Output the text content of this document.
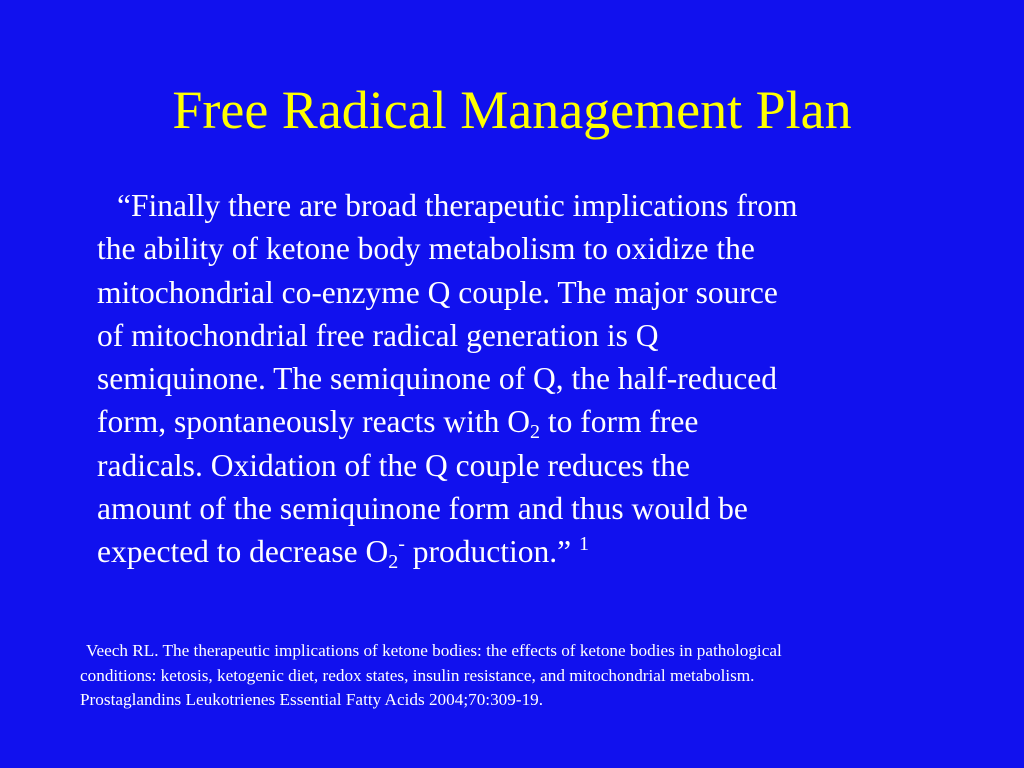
Free Radical Management Plan
“Finally there are broad therapeutic implications from
the ability of ketone body metabolism to oxidize the
mitochondrial co-enzyme Q couple. The major source
of mitochondrial free radical generation is Q
semiquinone. The semiquinone of Q, the half-reduced
form, spontaneously reacts with $O_2$ to form free
radicals. Oxidation of the Q couple reduces the
amount of the semiquinone form and thus would be
expected to decrease $O_2^-$ production.” $^1$
Veech RL. The therapeutic implications of ketone bodies: the effects of ketone bodies in pathological
conditions: ketosis, ketogenic diet, redox states, insulin resistance, and mitochondrial metabolism.
Prostaglandins Leukotrienes Essential Fatty Acids 2004;70:309-19.
